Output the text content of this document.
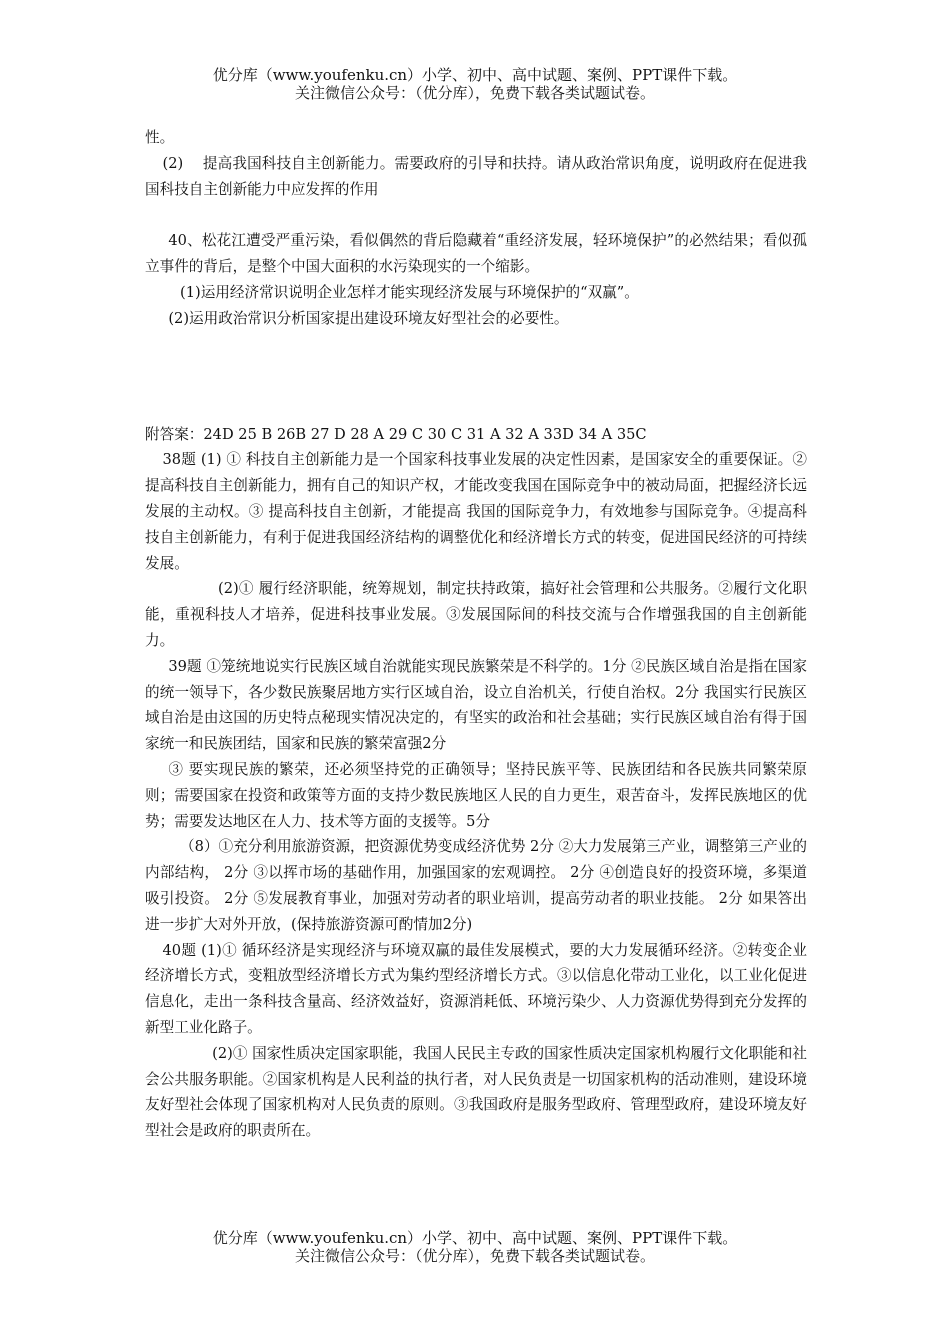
优分库（www.youfenku.cn）小学、初中、高中试题、案例、PPT课件下载。
关注微信公众号：（优分库），免费下载各类试题试卷。

性。

(2)　 提高我国科技自主创新能力。需要政府的引导和扶持。请从政治常识角度，说明政府在促进我国科技自主创新能力中应发挥的作用

40、松花江遭受严重污染，看似偶然的背后隐藏着“重经济发展，轻环境保护”的必然结果；看似孤立事件的背后，是整个中国大面积的水污染现实的一个缩影。

(1)运用经济常识说明企业怎样才能实现经济发展与环境保护的“双赢”。

(2)运用政治常识分析国家提出建设环境友好型社会的必要性。

附答案：24D 25 B 26B 27 D 28 A 29 C 30 C 31 A 32 A 33D 34 A 35C

38题 (1) ① 科技自主创新能力是一个国家科技事业发展的决定性因素，是国家安全的重要保证。②提高科技自主创新能力，拥有自己的知识产权，才能改变我国在国际竞争中的被动局面，把握经济长远发展的主动权。③ 提高科技自主创新，才能提高 我国的国际竞争力，有效地参与国际竞争。④提高科技自主创新能力，有利于促进我国经济结构的调整优化和经济增长方式的转变，促进国民经济的可持续发展。

(2)① 履行经济职能，统筹规划，制定扶持政策，搞好社会管理和公共服务。②履行文化职能，重视科技人才培养，促进科技事业发展。③发展国际间的科技交流与合作增强我国的自主创新能力。

39题 ①笼统地说实行民族区域自治就能实现民族繁荣是不科学的。1分 ②民族区域自治是指在国家的统一领导下，各少数民族聚居地方实行区域自治，设立自治机关，行使自治权。2分 我国实行民族区域自治是由这国的历史特点秘现实情况决定的，有坚实的政治和社会基础；实行民族区域自治有得于国家统一和民族团结，国家和民族的繁荣富强2分

③ 要实现民族的繁荣，还必须坚持党的正确领导；坚持民族平等、民族团结和各民族共同繁荣原则；需要国家在投资和政策等方面的支持少数民族地区人民的自力更生，艰苦奋斗，发挥民族地区的优势；需要发达地区在人力、技术等方面的支援等。5分

（8）①充分利用旅游资源，把资源优势变成经济优势 2分 ②大力发展第三产业，调整第三产业的内部结构， 2分 ③以挥市场的基础作用，加强国家的宏观调控。 2分 ④创造良好的投资环境，多渠道吸引投资。 2分 ⑤发展教育事业，加强对劳动者的职业培训，提高劳动者的职业技能。 2分 如果答出进一步扩大对外开放，(保持旅游资源可酌情加2分)

40题 (1)① 循环经济是实现经济与环境双赢的最佳发展模式，要的大力发展循环经济。②转变企业经济增长方式，变粗放型经济增长方式为集约型经济增长方式。③以信息化带动工业化，以工业化促进信息化，走出一条科技含量高、经济效益好，资源消耗低、环境污染少、人力资源优势得到充分发挥的新型工业化路子。

(2)① 国家性质决定国家职能，我国人民民主专政的国家性质决定国家机构履行文化职能和社会公共服务职能。②国家机构是人民利益的执行者，对人民负责是一切国家机构的活动准则，建设环境友好型社会体现了国家机构对人民负责的原则。③我国政府是服务型政府、管理型政府，建设环境友好型社会是政府的职责所在。

优分库（www.youfenku.cn）小学、初中、高中试题、案例、PPT课件下载。
关注微信公众号：（优分库），免费下载各类试题试卷。
